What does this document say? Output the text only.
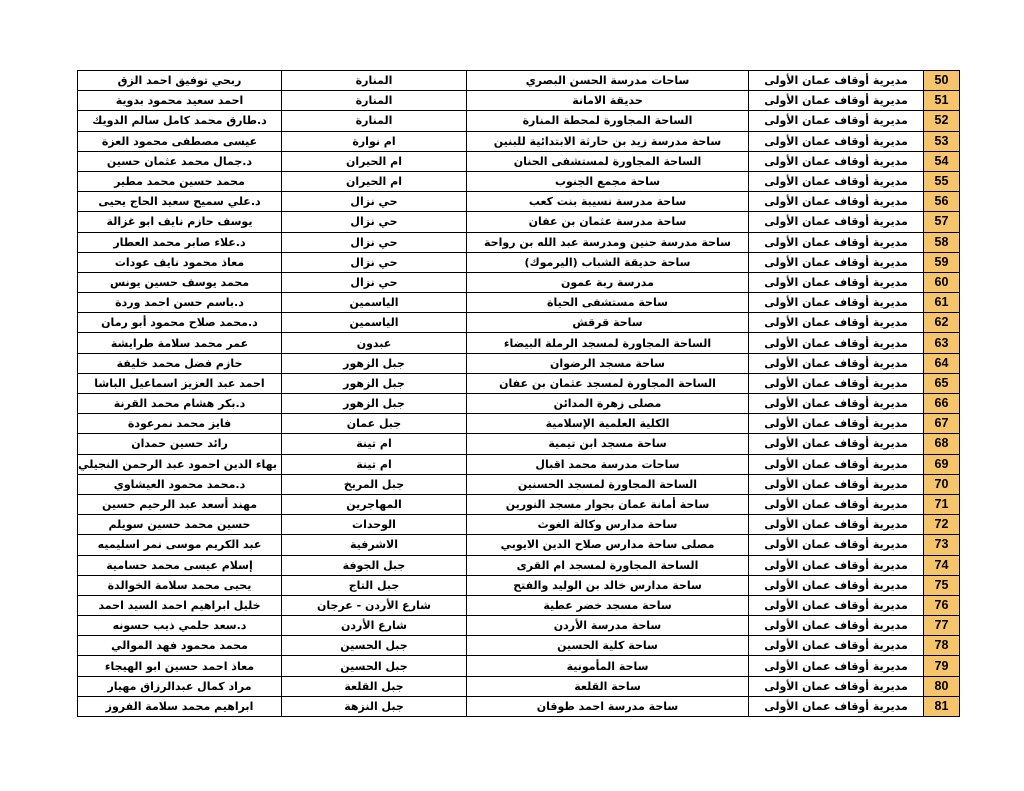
50	مديرية أوقاف عمان الأولى	ساحات مدرسة الحسن البصري	المنارة	ربحي توفيق احمد الزق
51	مديرية أوقاف عمان الأولى	حديقة الامانة	المنارة	احمد سعيد محمود بدوية
52	مديرية أوقاف عمان الأولى	الساحة المجاورة لمحطة المنارة	المنارة	د.طارق محمد كامل سالم الدويك
53	مديرية أوقاف عمان الأولى	ساحة مدرسة زيد بن حارثة الابتدائية للبنين	ام نوارة	عيسى مصطفى محمود العزة
54	مديرية أوقاف عمان الأولى	الساحة المجاورة لمستشفى الحنان	ام الحيران	د.جمال محمد عثمان حسين
55	مديرية أوقاف عمان الأولى	ساحة مجمع الجنوب	ام الحيران	محمد حسين محمد مطير
56	مديرية أوقاف عمان الأولى	ساحة مدرسة نسيبة بنت كعب	حي نزال	د.علي سميح سعيد الحاج يحيى
57	مديرية أوقاف عمان الأولى	ساحة مدرسة عثمان بن عفان	حي نزال	يوسف حازم نايف ابو غزالة
58	مديرية أوقاف عمان الأولى	ساحة مدرسة حنين ومدرسة عبد الله بن رواحة	حي نزال	د.علاء صابر محمد العطار
59	مديرية أوقاف عمان الأولى	ساحة حديقة الشباب (اليرموك)	حي نزال	معاذ محمود نايف عودات
60	مديرية أوقاف عمان الأولى	مدرسة ربة عمون	حي نزال	محمد يوسف حسين يونس
61	مديرية أوقاف عمان الأولى	ساحة مستشفى الحياة	الياسمين	د.باسم حسن احمد وردة
62	مديرية أوقاف عمان الأولى	ساحة قرقش	الياسمين	د.محمد صلاح محمود أبو رمان
63	مديرية أوقاف عمان الأولى	الساحة المجاورة لمسجد الرملة البيضاء	عبدون	عمر محمد سلامة طرايشة
64	مديرية أوقاف عمان الأولى	ساحة مسجد الرضوان	جبل الزهور	حازم فضل محمد خليفة
65	مديرية أوقاف عمان الأولى	الساحة المجاورة لمسجد عثمان بن عفان	جبل الزهور	احمد عبد العزيز اسماعيل الباشا
66	مديرية أوقاف عمان الأولى	مصلى زهرة المدائن	جبل الزهور	د.بكر هشام محمد القرنة
67	مديرية أوقاف عمان الأولى	الكلية العلمية الإسلامية	جبل عمان	فايز محمد نمرعودة
68	مديرية أوقاف عمان الأولى	ساحة مسجد ابن تيمية	ام تينة	رائد حسين حمدان
69	مديرية أوقاف عمان الأولى	ساحات مدرسة محمد اقبال	ام تينة	بهاء الدين احمود عبد الرحمن النجيلي
70	مديرية أوقاف عمان الأولى	الساحة المجاورة لمسجد الحسنين	جبل المريخ	د.محمد محمود العيشاوي
71	مديرية أوقاف عمان الأولى	ساحة أمانة عمان بجوار مسجد النورين	المهاجرين	مهند أسعد عبد الرحيم حسين
72	مديرية أوقاف عمان الأولى	ساحة مدارس وكالة الغوث	الوحدات	حسين محمد حسين سويلم
73	مديرية أوقاف عمان الأولى	مصلى ساحة مدارس صلاح الدين الايوبي	الاشرفية	عبد الكريم موسى نمر اسليميه
74	مديرية أوقاف عمان الأولى	الساحة المجاورة لمسجد ام القرى	جبل الجوفة	إسلام عيسى محمد حسامية
75	مديرية أوقاف عمان الأولى	ساحة مدارس خالد بن الوليد والفتح	جبل التاج	يحيى محمد سلامة الخوالدة
76	مديرية أوقاف عمان الأولى	ساحة مسجد خضر عطية	شارع الأردن - عرجان	خليل ابراهيم احمد السيد احمد
77	مديرية أوقاف عمان الأولى	ساحة مدرسة الأردن	شارع الأردن	د.سعد حلمي ذيب حسونه
78	مديرية أوقاف عمان الأولى	ساحة كلية الحسين	جبل الحسين	محمد محمود فهد الموالي
79	مديرية أوقاف عمان الأولى	ساحة المأمونية	جبل الحسين	معاذ احمد حسين ابو الهيجاء
80	مديرية أوقاف عمان الأولى	ساحة القلعة	جبل القلعة	مراد كمال عبدالرزاق مهيار
81	مديرية أوقاف عمان الأولى	ساحة مدرسة احمد طوقان	جبل النزهة	ابراهيم محمد سلامة الفروز
